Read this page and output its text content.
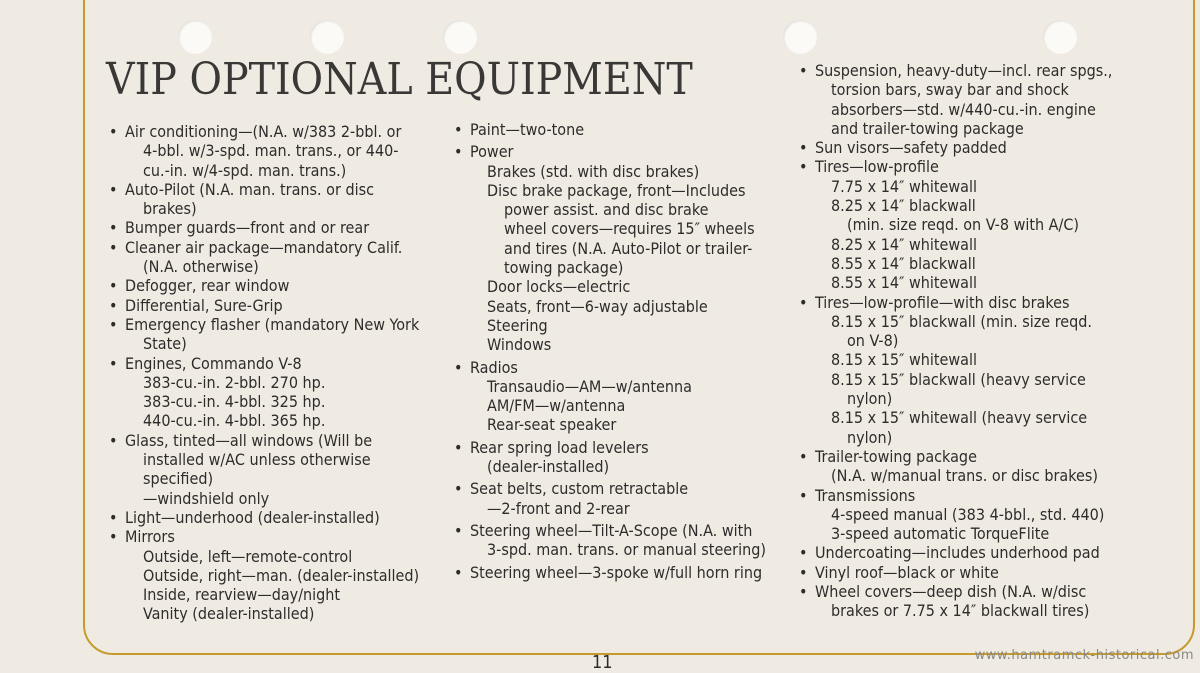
VIP OPTIONAL EQUIPMENT
• Air conditioning—(N.A. w/383 2-bbl. or
4-bbl. w/3-spd. man. trans., or 440-
cu.-in. w/4-spd. man. trans.)
• Auto-Pilot (N.A. man. trans. or disc
brakes)
• Bumper guards—front and or rear
• Cleaner air package—mandatory Calif.
(N.A. otherwise)
• Defogger, rear window
• Differential, Sure-Grip
• Emergency flasher (mandatory New York
State)
• Engines, Commando V-8
383-cu.-in. 2-bbl. 270 hp.
383-cu.-in. 4-bbl. 325 hp.
440-cu.-in. 4-bbl. 365 hp.
• Glass, tinted—all windows (Will be
installed w/AC unless otherwise
specified)
—windshield only
• Light—underhood (dealer-installed)
• Mirrors
Outside, left—remote-control
Outside, right—man. (dealer-installed)
Inside, rearview—day/night
Vanity (dealer-installed)
• Paint—two-tone
• Power
Brakes (std. with disc brakes)
Disc brake package, front—Includes
power assist. and disc brake
wheel covers—requires 15″ wheels
and tires (N.A. Auto-Pilot or trailer-
towing package)
Door locks—electric
Seats, front—6-way adjustable
Steering
Windows
• Radios
Transaudio—AM—w/antenna
AM/FM—w/antenna
Rear-seat speaker
• Rear spring load levelers
(dealer-installed)
• Seat belts, custom retractable
—2-front and 2-rear
• Steering wheel—Tilt-A-Scope (N.A. with
3-spd. man. trans. or manual steering)
• Steering wheel—3-spoke w/full horn ring
• Suspension, heavy-duty—incl. rear spgs.,
torsion bars, sway bar and shock
absorbers—std. w/440-cu.-in. engine
and trailer-towing package
• Sun visors—safety padded
• Tires—low-profile
7.75 x 14″ whitewall
8.25 x 14″ blackwall
(min. size reqd. on V-8 with A/C)
8.25 x 14″ whitewall
8.55 x 14″ blackwall
8.55 x 14″ whitewall
• Tires—low-profile—with disc brakes
8.15 x 15″ blackwall (min. size reqd.
on V-8)
8.15 x 15″ whitewall
8.15 x 15″ blackwall (heavy service
nylon)
8.15 x 15″ whitewall (heavy service
nylon)
• Trailer-towing package
(N.A. w/manual trans. or disc brakes)
• Transmissions
4-speed manual (383 4-bbl., std. 440)
3-speed automatic TorqueFlite
• Undercoating—includes underhood pad
• Vinyl roof—black or white
• Wheel covers—deep dish (N.A. w/disc
brakes or 7.75 x 14″ blackwall tires)
11	www.hamtramck-historical.com
